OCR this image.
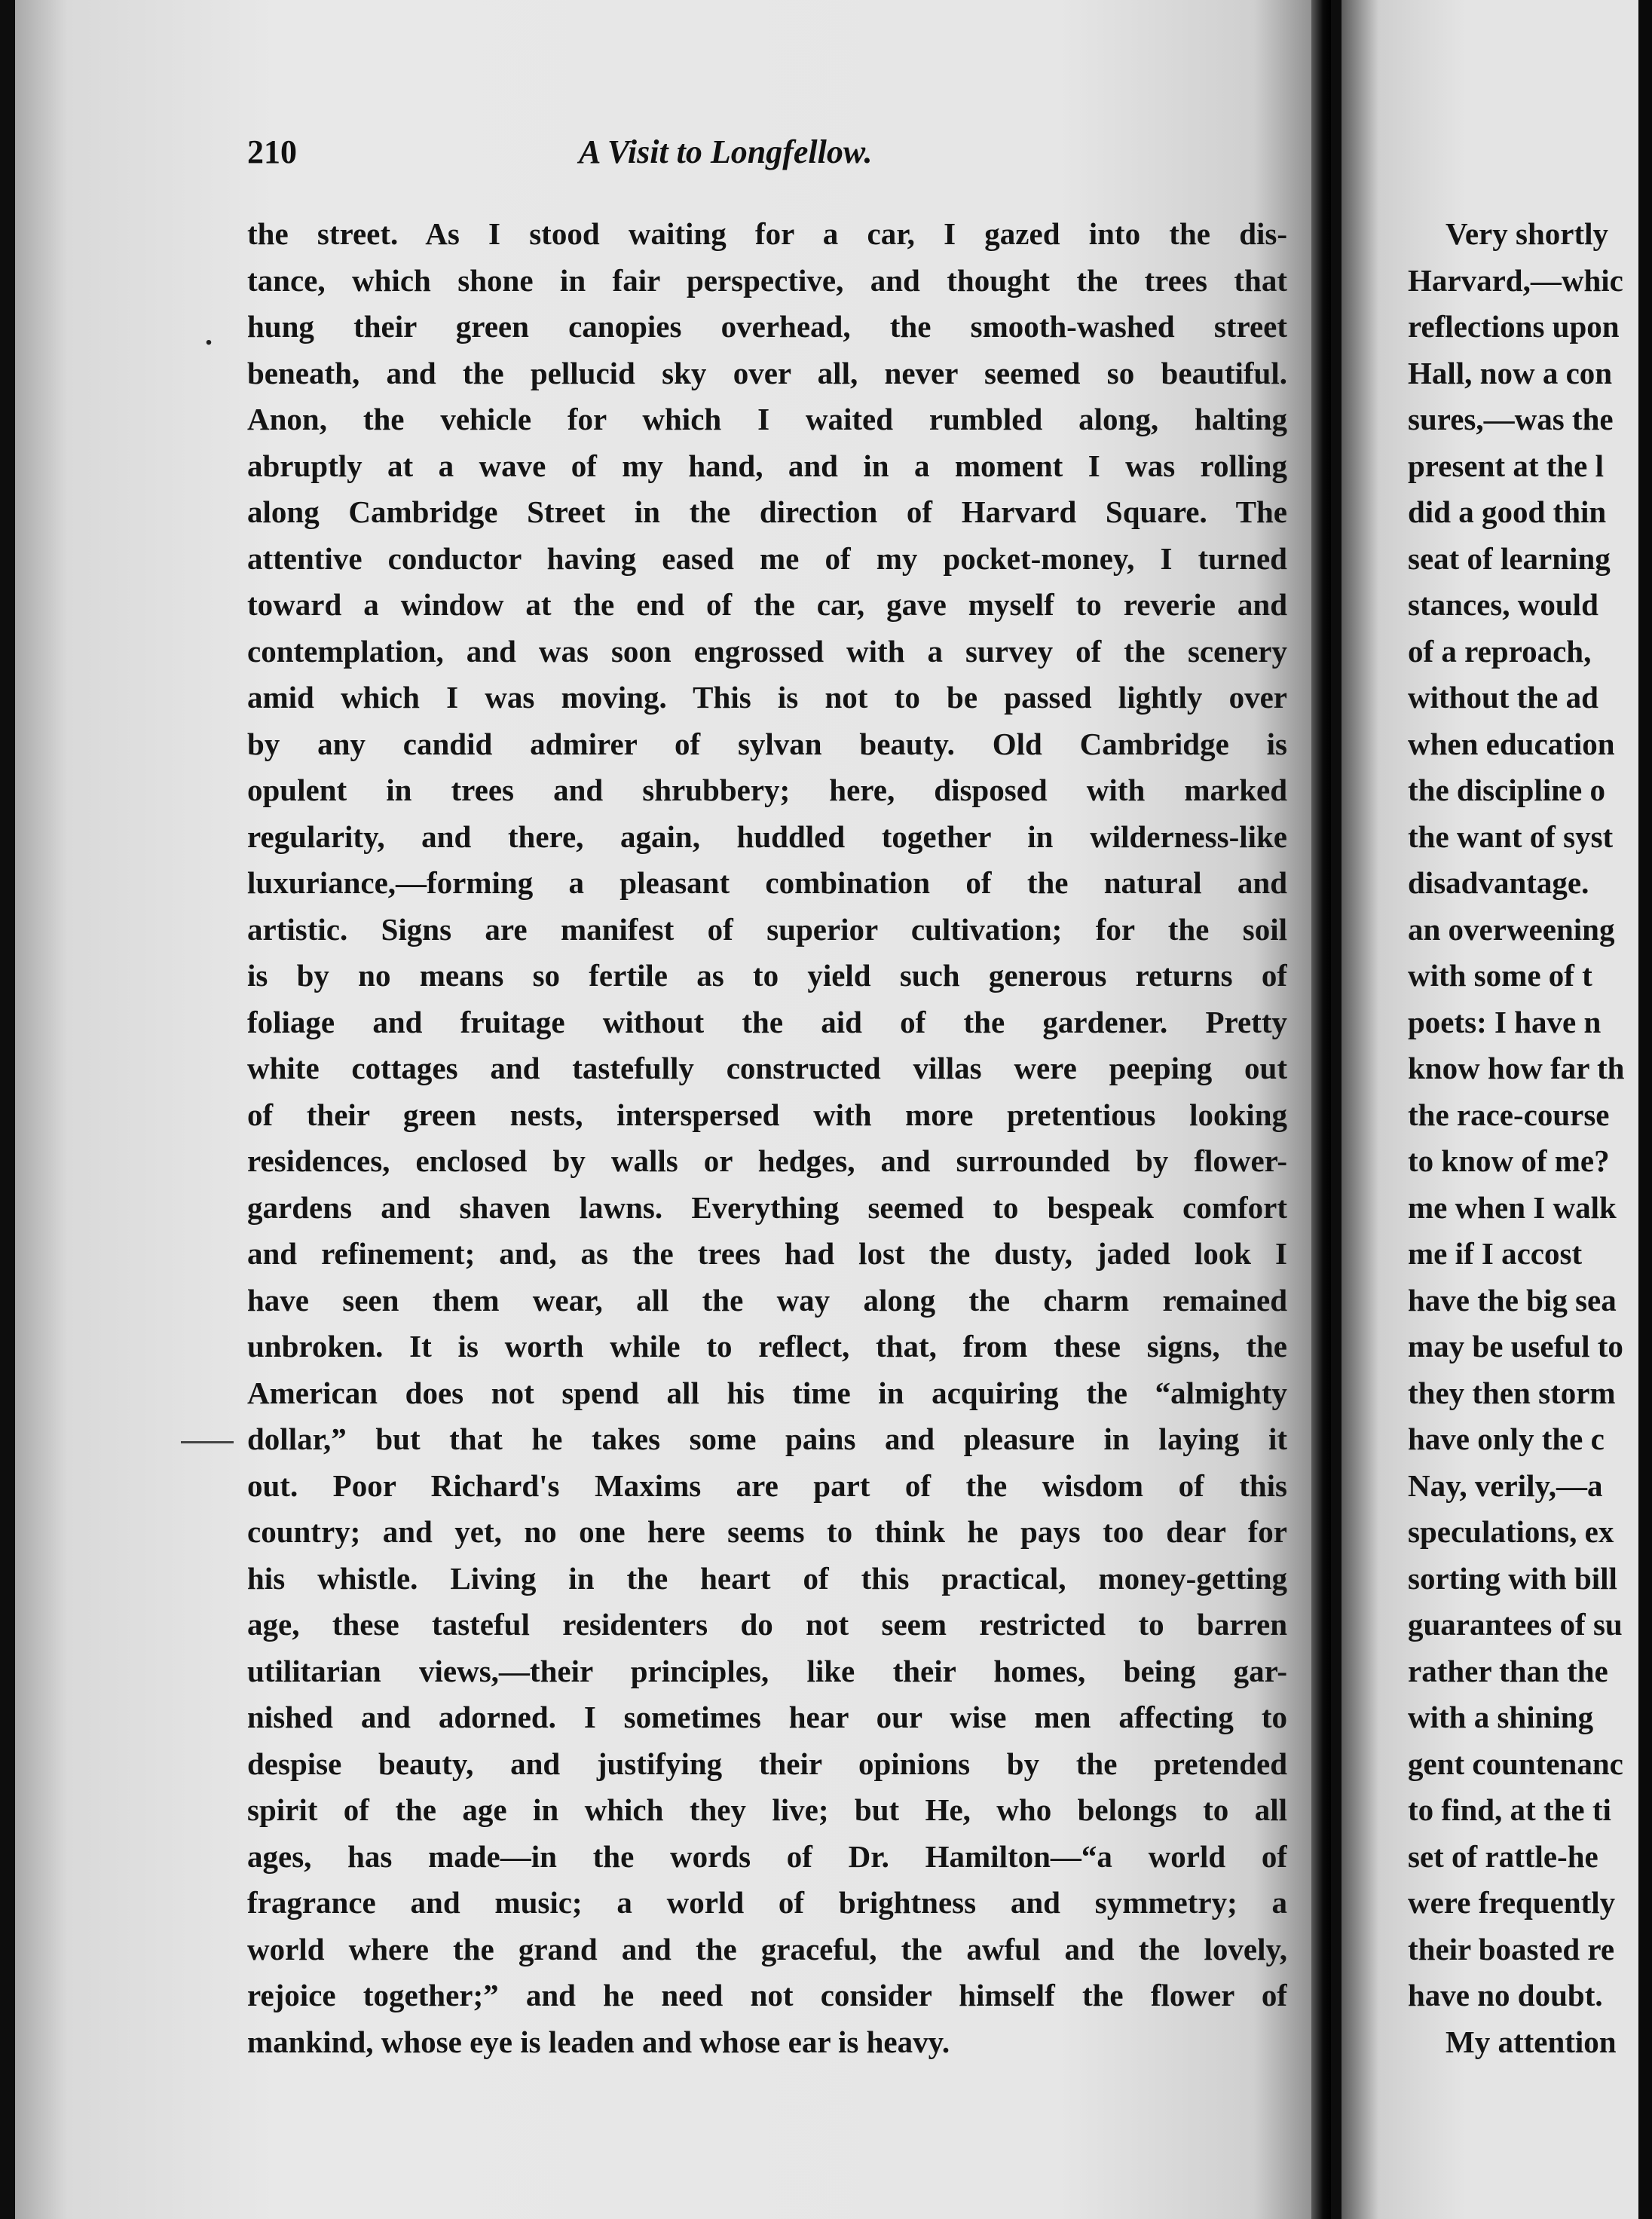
.
210	A Visit to Longfellow.
the street. As I stood waiting for a car, I gazed into the dis-
tance, which shone in fair perspective, and thought the trees that
hung their green canopies overhead, the smooth-washed street
beneath, and the pellucid sky over all, never seemed so beautiful.
Anon, the vehicle for which I waited rumbled along, halting
abruptly at a wave of my hand, and in a moment I was rolling
along Cambridge Street in the direction of Harvard Square. The
attentive conductor having eased me of my pocket-money, I turned
toward a window at the end of the car, gave myself to reverie and
contemplation, and was soon engrossed with a survey of the scenery
amid which I was moving. This is not to be passed lightly over
by any candid admirer of sylvan beauty. Old Cambridge is
opulent in trees and shrubbery; here, disposed with marked
regularity, and there, again, huddled together in wilderness-like
luxuriance,—forming a pleasant combination of the natural and
artistic. Signs are manifest of superior cultivation; for the soil
is by no means so fertile as to yield such generous returns of
foliage and fruitage without the aid of the gardener. Pretty
white cottages and tastefully constructed villas were peeping out
of their green nests, interspersed with more pretentious looking
residences, enclosed by walls or hedges, and surrounded by flower-
gardens and shaven lawns. Everything seemed to bespeak comfort
and refinement; and, as the trees had lost the dusty, jaded look I
have seen them wear, all the way along the charm remained
unbroken. It is worth while to reflect, that, from these signs, the
American does not spend all his time in acquiring the “almighty
dollar,” but that he takes some pains and pleasure in laying it
out. Poor Richard's Maxims are part of the wisdom of this
country; and yet, no one here seems to think he pays too dear for
his whistle. Living in the heart of this practical, money-getting
age, these tasteful residenters do not seem restricted to barren
utilitarian views,—their principles, like their homes, being gar-
nished and adorned. I sometimes hear our wise men affecting to
despise beauty, and justifying their opinions by the pretended
spirit of the age in which they live; but He, who belongs to all
ages, has made—in the words of Dr. Hamilton—“a world of
fragrance and music; a world of brightness and symmetry; a
world where the grand and the graceful, the awful and the lovely,
rejoice together;” and he need not consider himself the flower of
mankind, whose eye is leaden and whose ear is heavy.
Very shortly
Harvard,—whic
reflections upon
Hall, now a con
sures,—was the
present at the l
did a good thin
seat of learning
stances, would
of a reproach,
without the ad
when education
the discipline o
the want of syst
disadvantage.
an overweening
with some of t
poets: I have n
know how far th
the race-course
to know of me?
me when I walk
me if I accost
have the big sea
may be useful to
they then storm
have only the c
Nay, verily,—a
speculations, ex
sorting with bill
guarantees of su
rather than the
with a shining
gent countenanc
to find, at the ti
set of rattle-he
were frequently
their boasted re
have no doubt.
My attention
